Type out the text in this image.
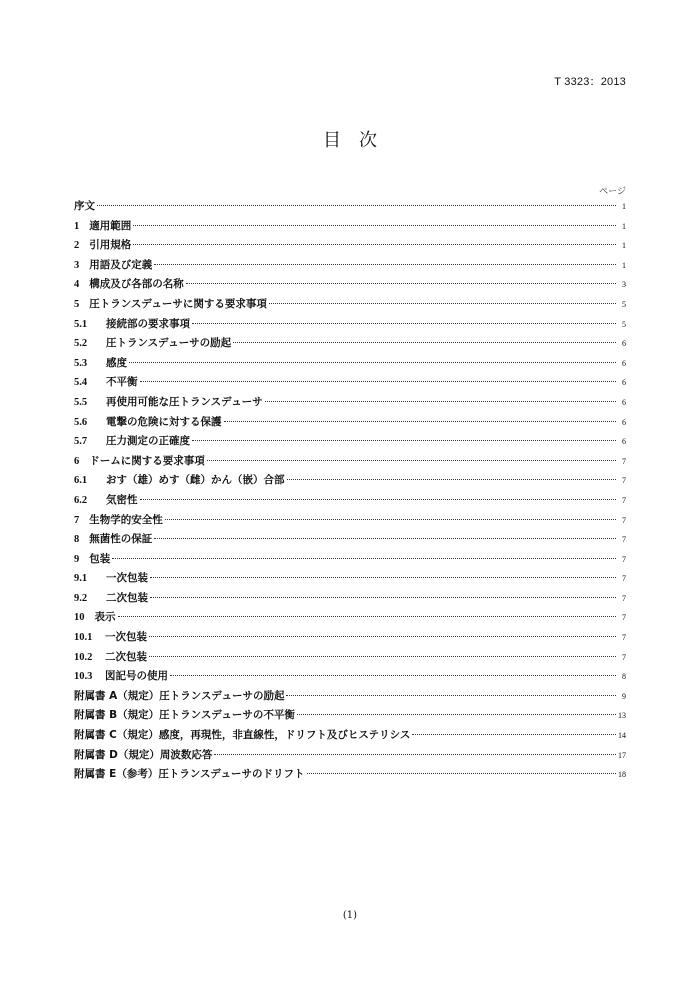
T 3323：2013
目次
ページ
序文	1
1 適用範囲	1
2 引用規格	1
3 用語及び定義	1
4 構成及び各部の名称	3
5 圧トランスデューサに関する要求事項	5
5.1	接続部の要求事項	5
5.2	圧トランスデューサの励起	6
5.3	感度	6
5.4	不平衡	6
5.5	再使用可能な圧トランスデューサ	6
5.6	電撃の危険に対する保護	6
5.7	圧力測定の正確度	6
6 ドームに関する要求事項	7
6.1	おす（雄）めす（雌）かん（嵌）合部	7
6.2	気密性	7
7 生物学的安全性	7
8 無菌性の保証	7
9 包装	7
9.1	一次包装	7
9.2	二次包装	7
10 表示	7
10.1	一次包装	7
10.2	二次包装	7
10.3	図記号の使用	8
附属書 A（規定）圧トランスデューサの励起	9
附属書 B（規定）圧トランスデューサの不平衡	13
附属書 C（規定）感度，再現性，非直線性，ドリフト及びヒステリシス	14
附属書 D（規定）周波数応答	17
附属書 E（参考）圧トランスデューサのドリフト	18
(1)
